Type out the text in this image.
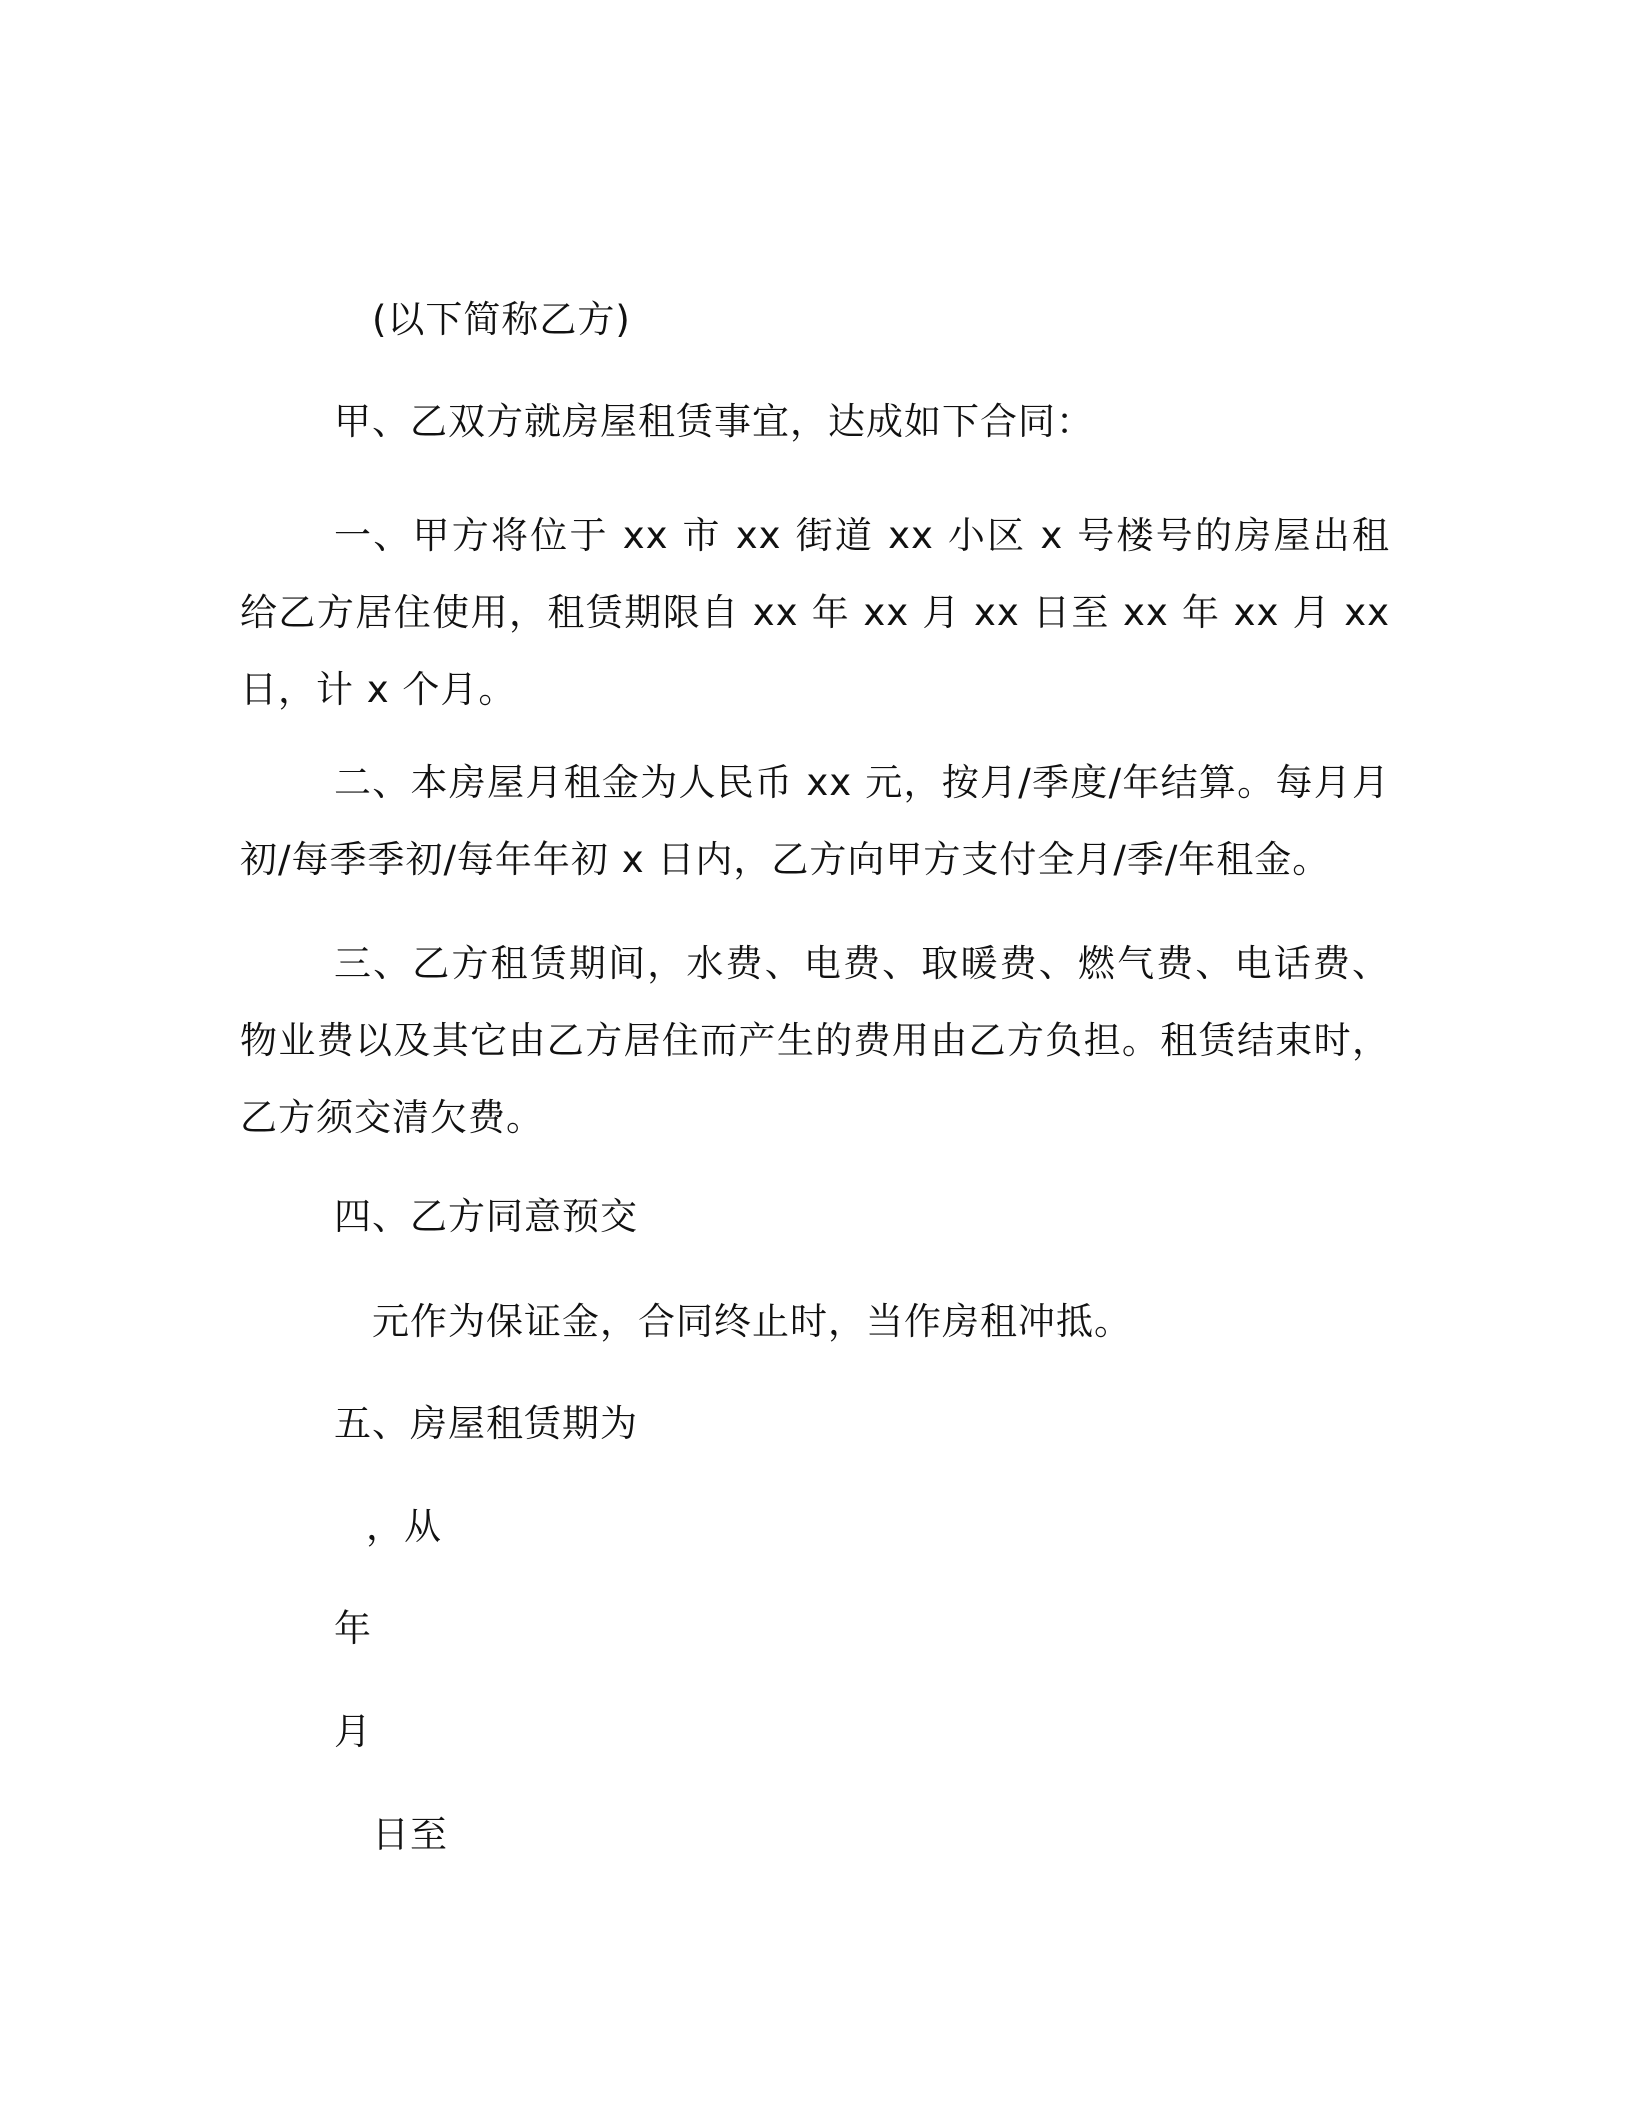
(以下简称乙方)
甲、乙双方就房屋租赁事宜，达成如下合同：

一、甲方将位于 xx 市 xx 街道 xx 小区 x 号楼号的房屋出租给乙方居住使用，租赁期限自 xx 年 xx 月 xx 日至 xx 年 xx 月 xx 日，计 x 个月。

二、本房屋月租金为人民币 xx 元，按月/季度/年结算。每月月初/每季季初/每年年初 x 日内，乙方向甲方支付全月/季/年租金。

三、乙方租赁期间，水费、电费、取暖费、燃气费、电话费、物业费以及其它由乙方居住而产生的费用由乙方负担。租赁结束时，乙方须交清欠费。

四、乙方同意预交
元作为保证金，合同终止时，当作房租冲抵。
五、房屋租赁期为
，从
年
月
日至
